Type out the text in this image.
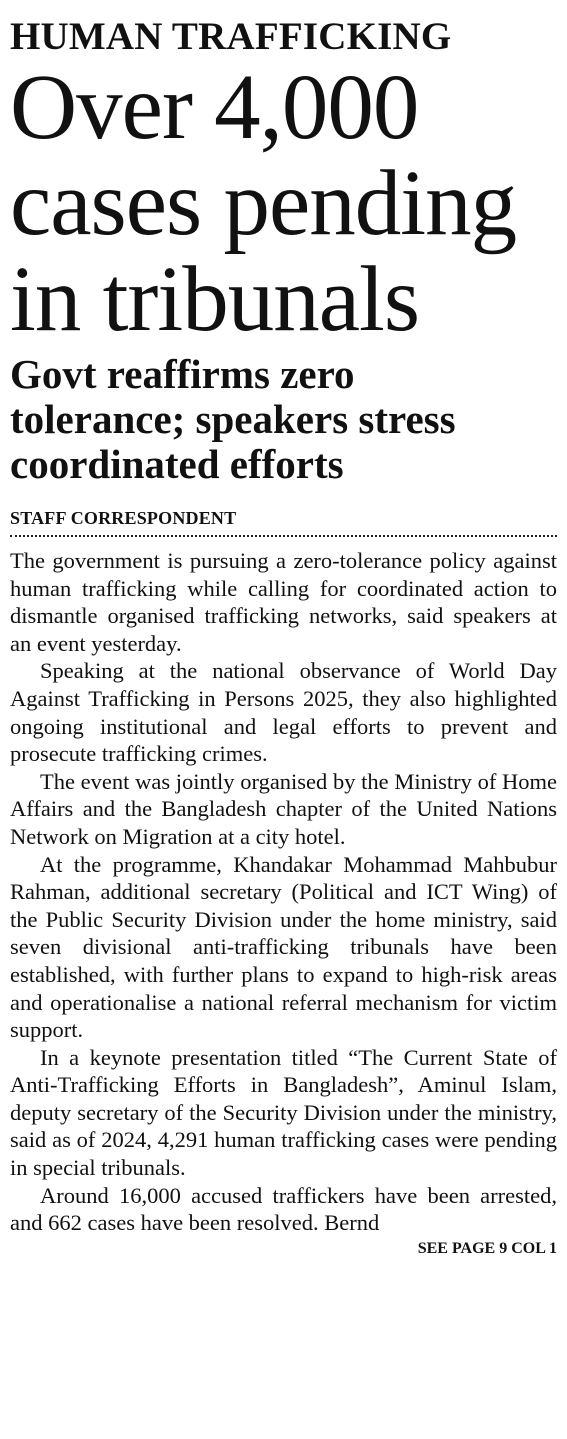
HUMAN TRAFFICKING
Over 4,000
cases pending
in tribunals
Govt reaffirms zero
tolerance; speakers stress
coordinated efforts
STAFF CORRESPONDENT

The government is pursuing a zero-tolerance policy against human trafficking while calling for coordinated action to dismantle organised trafficking networks, said speakers at an event yesterday.

Speaking at the national observance of World Day Against Trafficking in Persons 2025, they also highlighted ongoing institutional and legal efforts to prevent and prosecute trafficking crimes.

The event was jointly organised by the Ministry of Home Affairs and the Bangladesh chapter of the United Nations Network on Migration at a city hotel.

At the programme, Khandakar Mohammad Mahbubur Rahman, additional secretary (Political and ICT Wing) of the Public Security Division under the home ministry, said seven divisional anti-trafficking tribunals have been established, with further plans to expand to high-risk areas and operationalise a national referral mechanism for victim support.

In a keynote presentation titled “The Current State of Anti-Trafficking Efforts in Bangladesh”, Aminul Islam, deputy secretary of the Security Division under the ministry, said as of 2024, 4,291 human trafficking cases were pending in special tribunals.

Around 16,000 accused traffickers have been arrested, and 662 cases have been resolved. Bernd

SEE PAGE 9 COL 1
